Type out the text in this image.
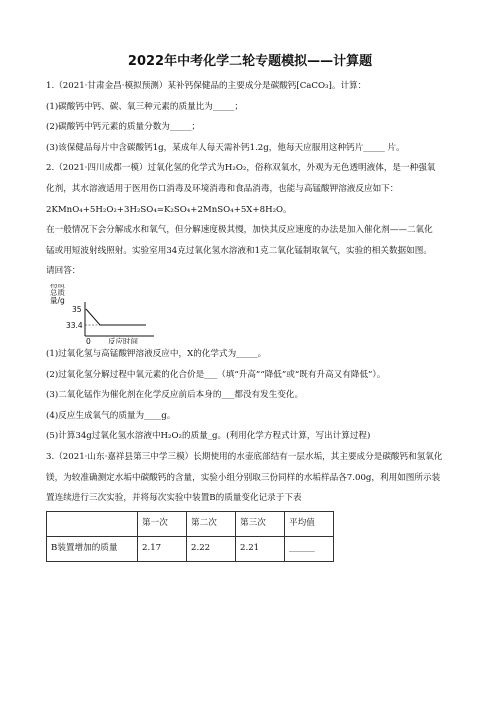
2022年中考化学二轮专题模拟——计算题
1.（2021·甘肃金昌·模拟预测）某补钙保健品的主要成分是碳酸钙[CaCO₃]。计算：
(1)碳酸钙中钙、碳、氧三种元素的质量比为_____；
(2)碳酸钙中钙元素的质量分数为_____；
(3)该保健品每片中含碳酸钙1g，某成年人每天需补钙1.2g，他每天应服用这种钙片_____ 片。
2.（2021·四川成都一模）过氧化氢的化学式为H₂O₂，俗称双氧水，外观为无色透明液体，是一种强氧
化剂，其水溶液适用于医用伤口消毒及环境消毒和食品消毒，也能与高锰酸钾溶液反应如下：
2KMnO₄+5H₂O₂+3H₂SO₄=K₂SO₄+2MnSO₄+5X+8H₂O。
在一般情况下会分解成水和氧气，但分解速度极其慢，加快其反应速度的办法是加入催化剂——二氧化
锰或用短波射线照射。实验室用34克过氧化氢水溶液和1克二氧化锰制取氧气，实验的相关数据如图。
请回答：
物质
总质
量/g
35
33.4
0 反应时间
(1)过氧化氢与高锰酸钾溶液反应中，X的化学式为_____。
(2)过氧化氢分解过程中氧元素的化合价是___（填“升高”“降低”或“既有升高又有降低”）。
(3)二氧化锰作为催化剂在化学反应前后本身的___都没有发生变化。
(4)反应生成氧气的质量为____g。
(5)计算34g过氧化氢水溶液中H₂O₂的质量_g。(利用化学方程式计算，写出计算过程)
3.（2021·山东·嘉祥县第三中学三模）长期使用的水壶底部结有一层水垢，其主要成分是碳酸钙和氢氧化
镁，为较准确测定水垢中碳酸钙的含量，实验小组分别取三份同样的水垢样品各7.00g，利用如图所示装
置连续进行三次实验，并将每次实验中装置B的质量变化记录于下表
	第一次	第二次	第三次	平均值
B装置增加的质量	2.17	2.22	2.21	______
